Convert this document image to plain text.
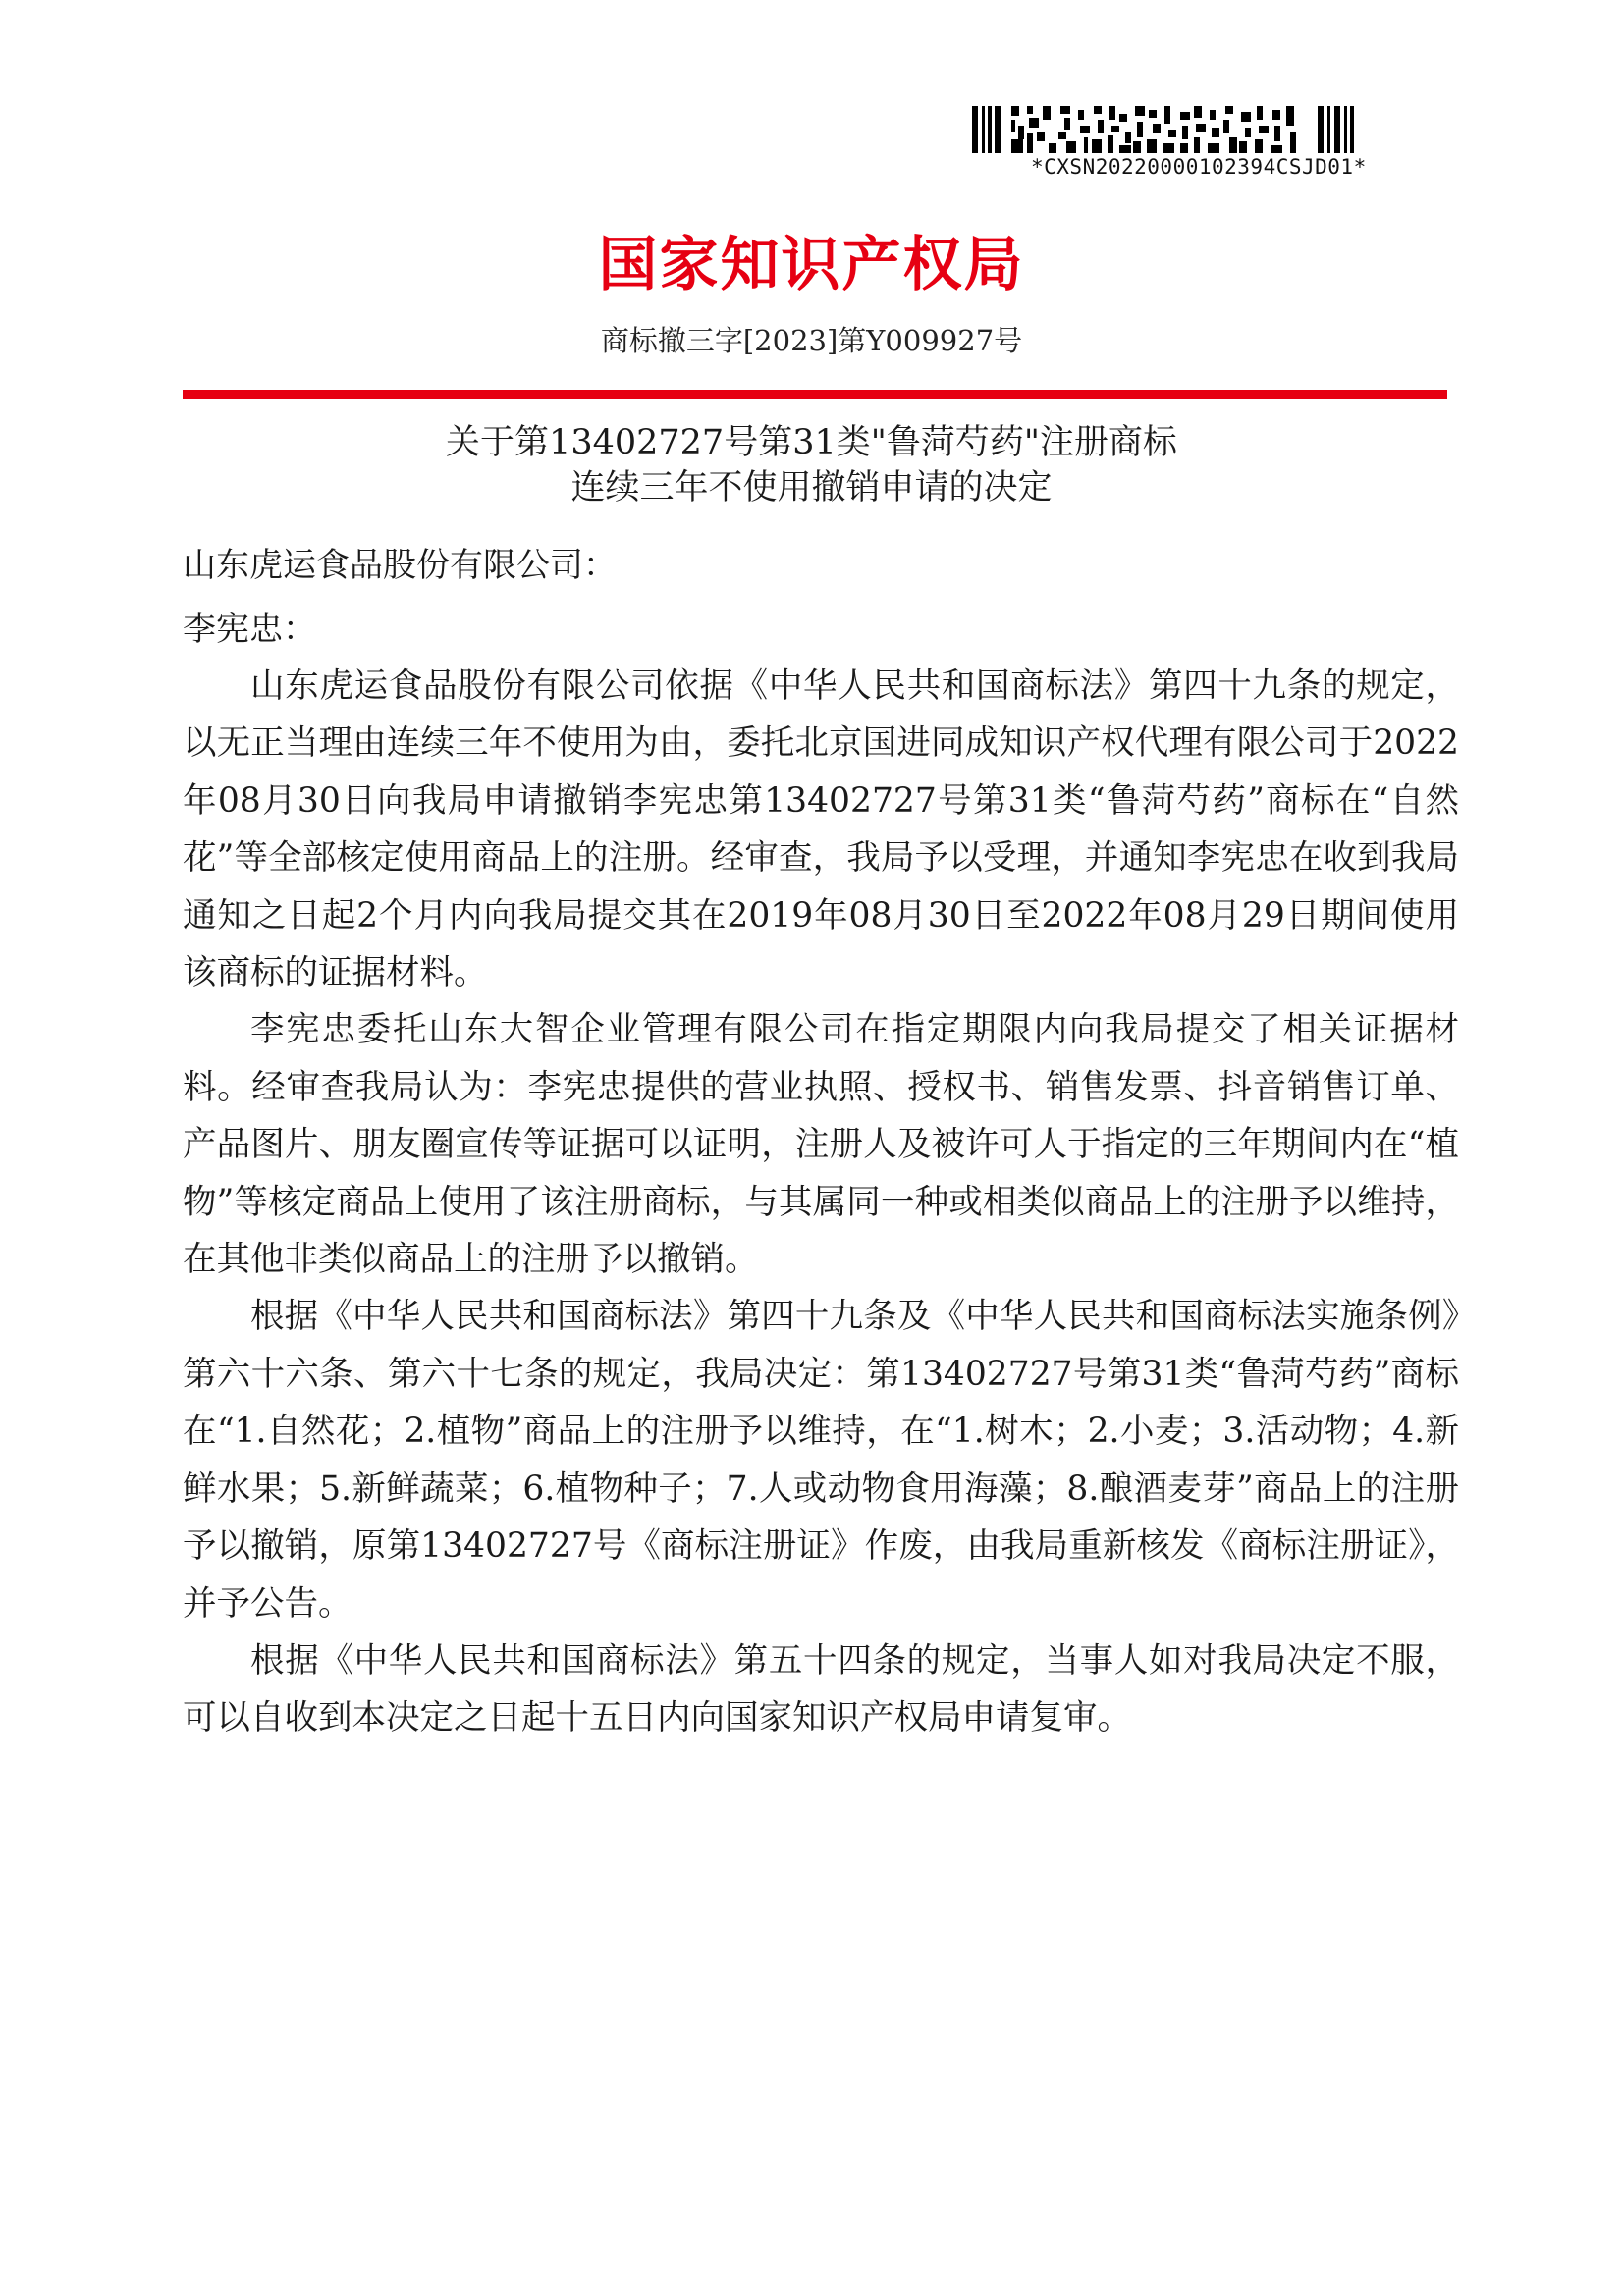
*CXSN20220000102394CSJD01*
国家知识产权局
商标撤三字[2023]第Y009927号
关于第13402727号第31类"鲁菏芍药"注册商标
连续三年不使用撤销申请的决定
山东虎运食品股份有限公司：
李宪忠：

山东虎运食品股份有限公司依据《中华人民共和国商标法》第四十九条的规定，以无正当理由连续三年不使用为由，委托北京国进同成知识产权代理有限公司于2022年08月30日向我局申请撤销李宪忠第13402727号第31类“鲁菏芍药”商标在“自然花”等全部核定使用商品上的注册。经审查，我局予以受理，并通知李宪忠在收到我局通知之日起2个月内向我局提交其在2019年08月30日至2022年08月29日期间使用该商标的证据材料。

李宪忠委托山东大智企业管理有限公司在指定期限内向我局提交了相关证据材料。经审查我局认为：李宪忠提供的营业执照、授权书、销售发票、抖音销售订单、产品图片、朋友圈宣传等证据可以证明，注册人及被许可人于指定的三年期间内在“植物”等核定商品上使用了该注册商标，与其属同一种或相类似商品上的注册予以维持，在其他非类似商品上的注册予以撤销。

根据《中华人民共和国商标法》第四十九条及《中华人民共和国商标法实施条例》第六十六条、第六十七条的规定，我局决定：第13402727号第31类“鲁菏芍药”商标在“1.自然花；2.植物”商品上的注册予以维持，在“1.树木；2.小麦；3.活动物；4.新鲜水果；5.新鲜蔬菜；6.植物种子；7.人或动物食用海藻；8.酿酒麦芽”商品上的注册予以撤销，原第13402727号《商标注册证》作废，由我局重新核发《商标注册证》，并予公告。

根据《中华人民共和国商标法》第五十四条的规定，当事人如对我局决定不服，可以自收到本决定之日起十五日内向国家知识产权局申请复审。
